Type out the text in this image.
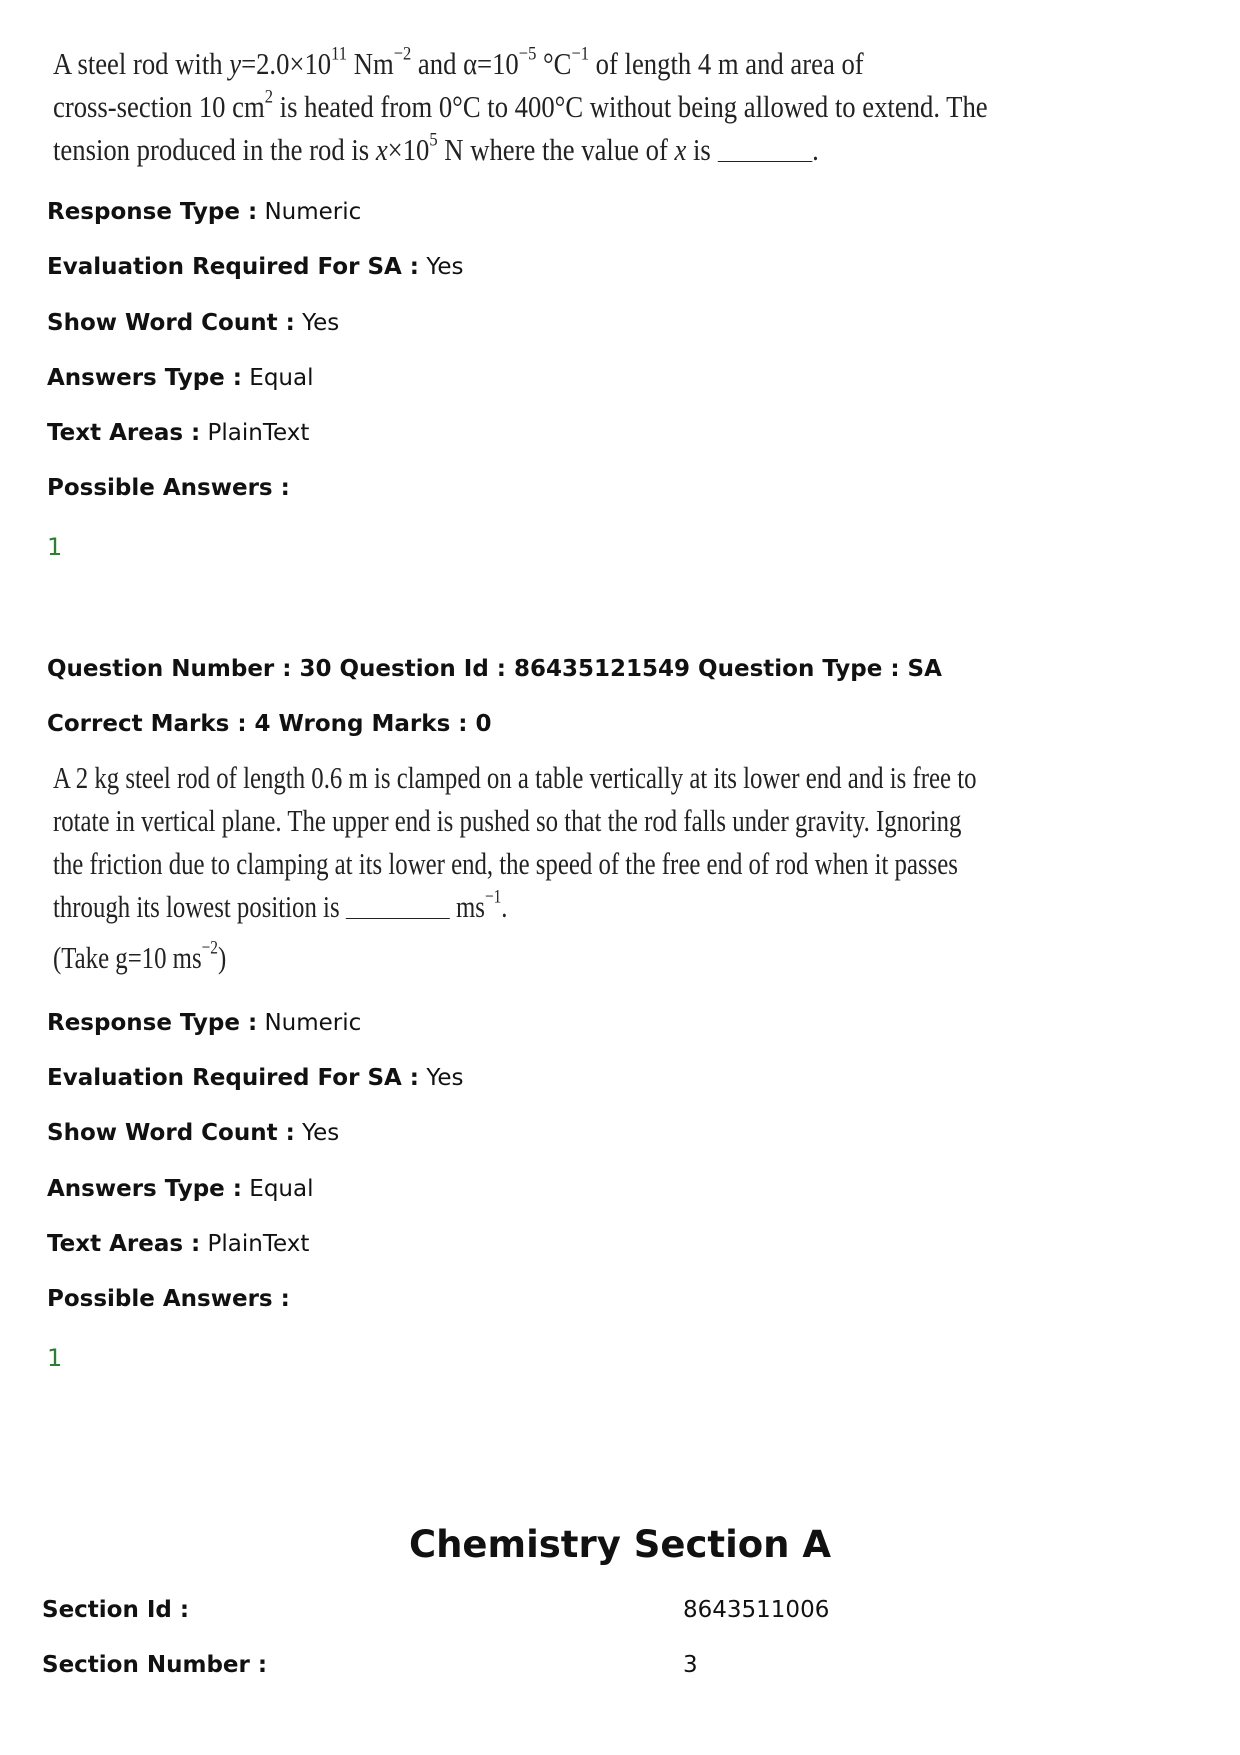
A steel rod with $y=2.0\times 10^{11}$ $Nm^{-2}$ and $\alpha=10^{-5}$ $^\circ C^{-1}$ of length 4 m and area of

cross-section 10 $cm^2$ is heated from 0°C to 400°C without being allowed to extend. The

tension produced in the rod is $x\times 10^5$ N where the value of x is	.

Response Type : Numeric
Evaluation Required For SA : Yes
Show Word Count : Yes
Answers Type : Equal
Text Areas : PlainText
Possible Answers :
1
Question Number : 30 Question Id : 86435121549 Question Type : SA
Correct Marks : 4 Wrong Marks : 0

A 2 kg steel rod of length 0.6 m is clamped on a table vertically at its lower end and is free to

rotate in vertical plane. The upper end is pushed so that the rod falls under gravity. Ignoring

the friction due to clamping at its lower end, the speed of the free end of rod when it passes

through its lowest position is	$ms^{-1}$.

(Take g=10 $ms^{-2}$)

Response Type : Numeric
Evaluation Required For SA : Yes
Show Word Count : Yes
Answers Type : Equal
Text Areas : PlainText
Possible Answers :
1
Chemistry Section A
Section Id :	8643511006
Section Number :	3
